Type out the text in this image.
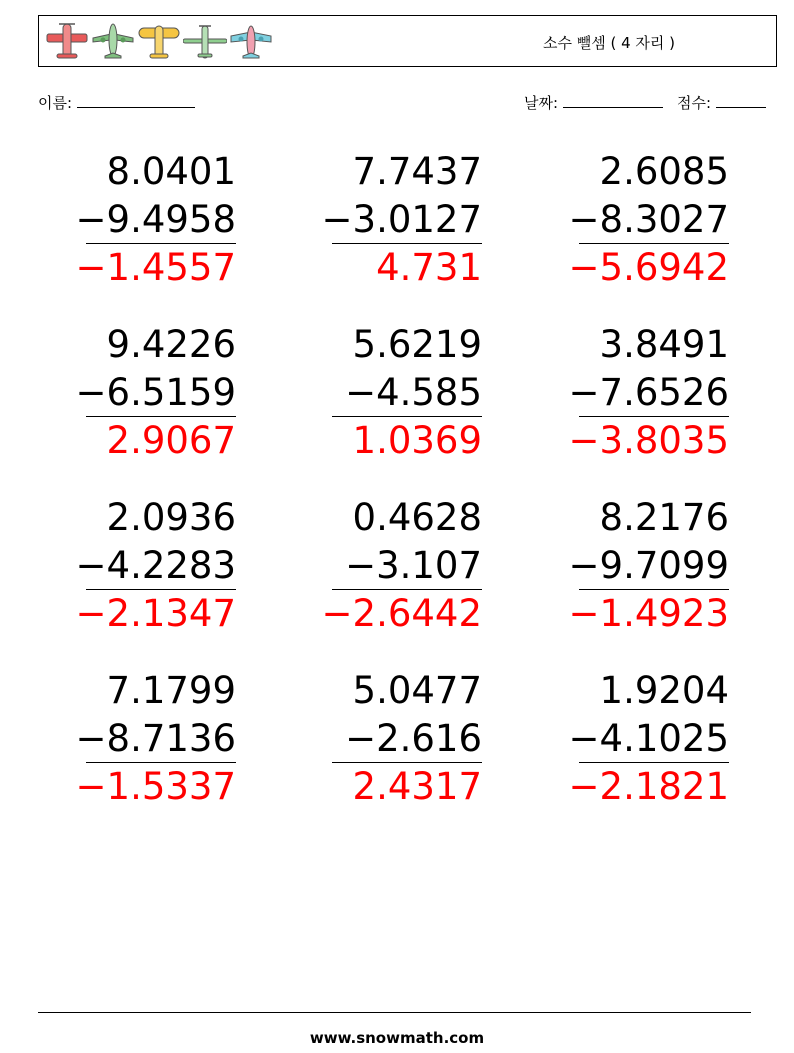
소수 뺄셈 ( 4 자리 )
이름:	날짜:	점수:
8.0401
−9.4958
−1.4557
7.7437
−3.0127
4.731
2.6085
−8.3027
−5.6942
9.4226
−6.5159
2.9067
5.6219
−4.585
1.0369
3.8491
−7.6526
−3.8035
2.0936
−4.2283
−2.1347
0.4628
−3.107
−2.6442
8.2176
−9.7099
−1.4923
7.1799
−8.7136
−1.5337
5.0477
−2.616
2.4317
1.9204
−4.1025
−2.1821
www.snowmath.com
